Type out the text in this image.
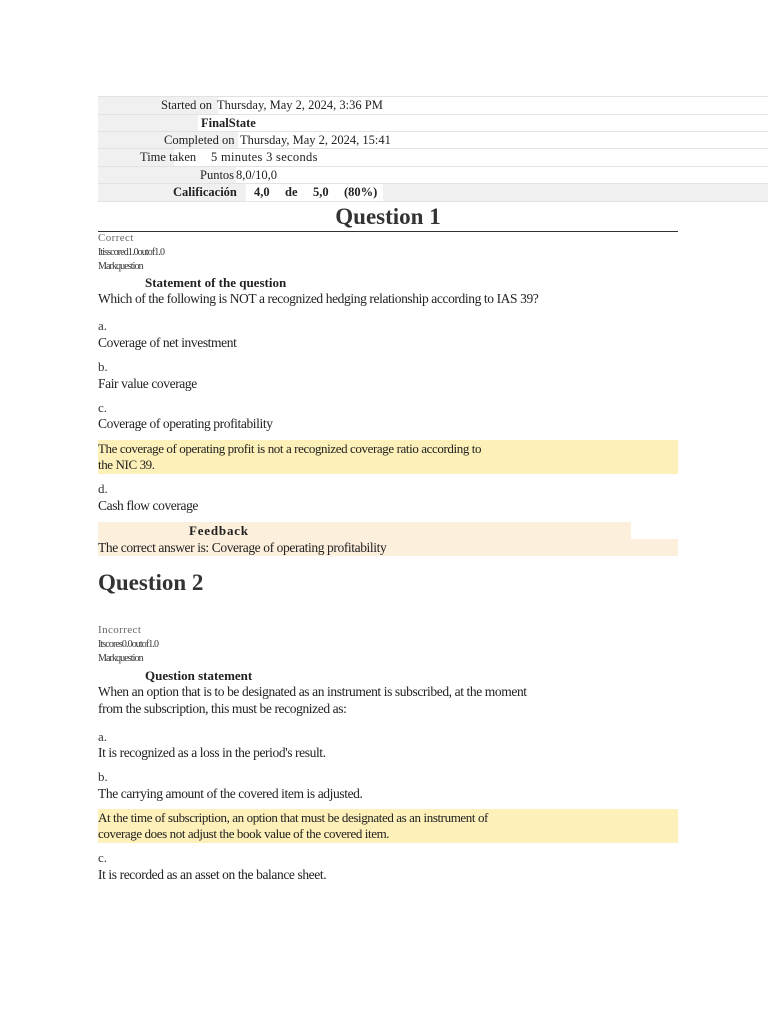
Started on Thursday, May 2, 2024, 3:36 PM
FinalState
Completed on Thursday, May 2, 2024, 15:41
Time taken 5 minutes 3 seconds
Puntos 8,0/10,0
Calificación 4,0 de 5,0 (80%)
Question 1
Correct
Itisscored1.0outof1.0
Markquestion
Statement of the question
Which of the following is NOT a recognized hedging relationship according to IAS 39?
a.
Coverage of net investment
b.
Fair value coverage
c.
Coverage of operating profitability
The coverage of operating profit is not a recognized coverage ratio according to
the NIC 39.
d.
Cash flow coverage
Feedback
The correct answer is: Coverage of operating profitability
Question 2
Incorrect
Itscores0.0outof1.0
Markquestion
Question statement
When an option that is to be designated as an instrument is subscribed, at the moment
from the subscription, this must be recognized as:
a.
It is recognized as a loss in the period's result.
b.
The carrying amount of the covered item is adjusted.
At the time of subscription, an option that must be designated as an instrument of
coverage does not adjust the book value of the covered item.
c.
It is recorded as an asset on the balance sheet.
